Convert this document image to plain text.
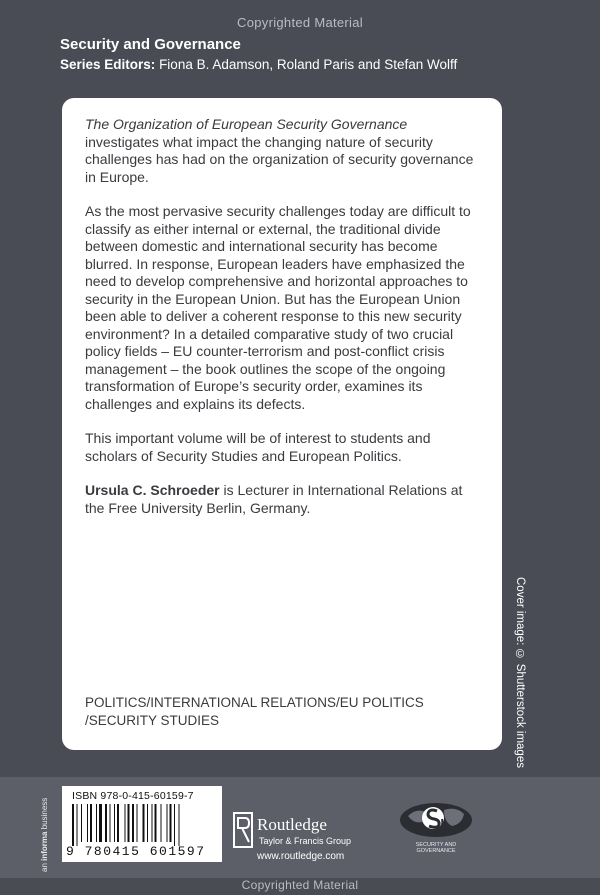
Copyrighted Material
Security and Governance
Series Editors: Fiona B. Adamson, Roland Paris and Stefan Wolff

The Organization of European Security Governance investigates what impact the changing nature of security challenges has had on the organization of security governance in Europe.

As the most pervasive security challenges today are difficult to classify as either internal or external, the traditional divide between domestic and international security has become blurred. In response, European leaders have emphasized the need to develop comprehensive and horizontal approaches to security in the European Union. But has the European Union been able to deliver a coherent response to this new security environment? In a detailed comparative study of two crucial policy fields – EU counter-terrorism and post-conflict crisis management – the book outlines the scope of the ongoing transformation of Europe’s security order, examines its challenges and explains its defects.

This important volume will be of interest to students and scholars of Security Studies and European Politics.

Ursula C. Schroeder is Lecturer in International Relations at the Free University Berlin, Germany.

POLITICS/INTERNATIONAL RELATIONS/EU POLITICS
/SECURITY STUDIES	Cover image: © Shutterstock images
an informa business
ISBN 978-0-415-60159-7
9 780415 601597
Routledge
Taylor & Francis Group
www.routledge.com
SECURITY AND GOVERNANCE
Copyrighted Material
